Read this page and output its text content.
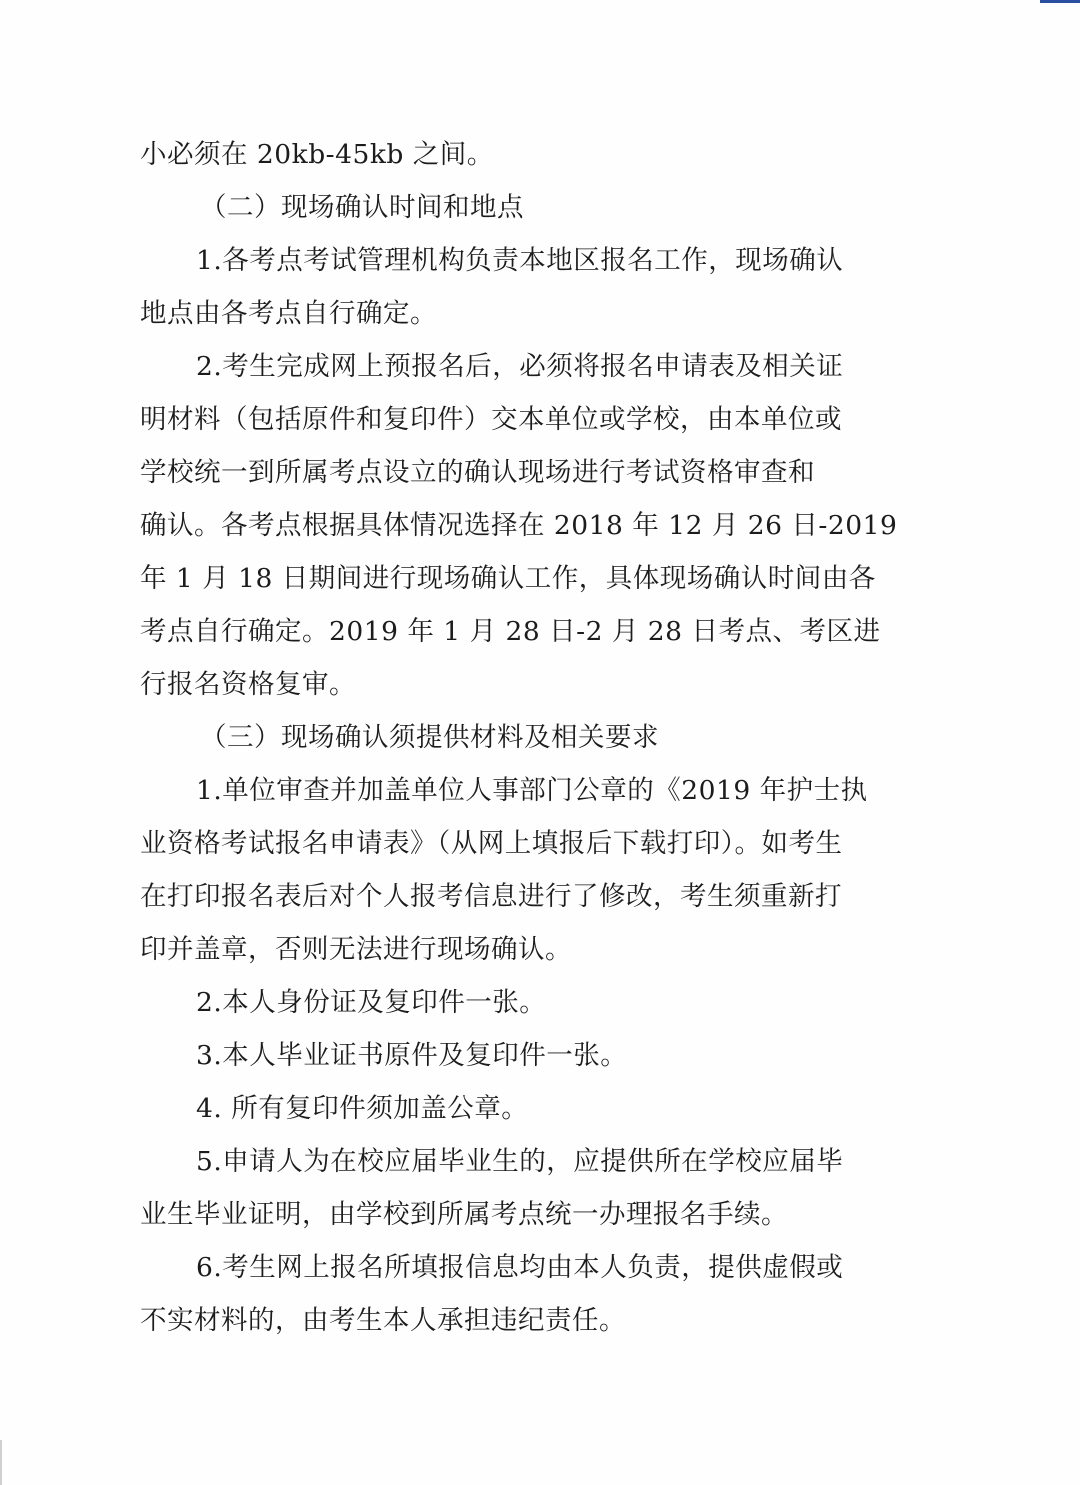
小必须在 20kb-45kb 之间。
（二）现场确认时间和地点
1.各考点考试管理机构负责本地区报名工作，现场确认
地点由各考点自行确定。
2.考生完成网上预报名后，必须将报名申请表及相关证
明材料（包括原件和复印件）交本单位或学校，由本单位或
学校统一到所属考点设立的确认现场进行考试资格审查和
确认。各考点根据具体情况选择在 2018 年 12 月 26 日-2019
年 1 月 18 日期间进行现场确认工作，具体现场确认时间由各
考点自行确定。2019 年 1 月 28 日-2 月 28 日考点、考区进
行报名资格复审。
（三）现场确认须提供材料及相关要求
1.单位审查并加盖单位人事部门公章的《2019 年护士执
业资格考试报名申请表》（从网上填报后下载打印）。如考生
在打印报名表后对个人报考信息进行了修改，考生须重新打
印并盖章，否则无法进行现场确认。
2.本人身份证及复印件一张。
3.本人毕业证书原件及复印件一张。
4. 所有复印件须加盖公章。
5.申请人为在校应届毕业生的，应提供所在学校应届毕
业生毕业证明，由学校到所属考点统一办理报名手续。
6.考生网上报名所填报信息均由本人负责，提供虚假或
不实材料的，由考生本人承担违纪责任。
